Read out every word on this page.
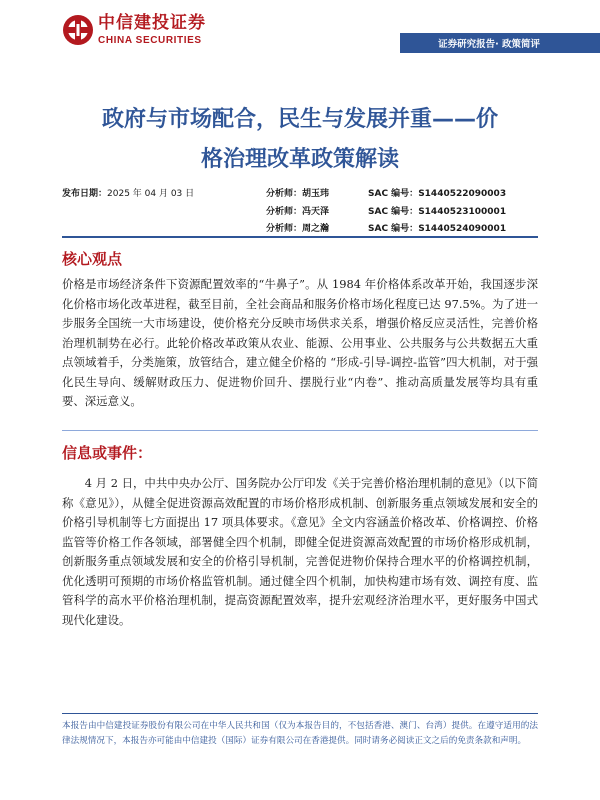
中信建投证券
CHINA SECURITIES	证券研究报告· 政策简评
政府与市场配合，民生与发展并重——价
格治理改革政策解读
发布日期：2025 年 04 月 03 日	分析师：胡玉玮	SAC 编号：S1440522090003
分析师：冯天泽	SAC 编号：S1440523100001
分析师：周之瀚	SAC 编号：S1440524090001
核心观点
价格是市场经济条件下资源配置效率的“牛鼻子”。从 1984 年价格体系改革开始，我国逐步深化价格市场化改革进程，截至目前，全社会商品和服务价格市场化程度已达 97.5%。为了进一步服务全国统一大市场建设，使价格充分反映市场供求关系，增强价格反应灵活性，完善价格治理机制势在必行。此轮价格改革政策从农业、能源、公用事业、公共服务与公共数据五大重点领域着手，分类施策，放管结合，建立健全价格的 “形成-引导-调控-监管”四大机制，对于强化民生导向、缓解财政压力、促进物价回升、摆脱行业“内卷”、推动高质量发展等均具有重要、深远意义。
信息或事件：
4 月 2 日，中共中央办公厅、国务院办公厅印发《关于完善价格治理机制的意见》（以下简称《意见》），从健全促进资源高效配置的市场价格形成机制、创新服务重点领域发展和安全的价格引导机制等七方面提出 17 项具体要求。《意见》全文内容涵盖价格改革、价格调控、价格监管等价格工作各领域，部署健全四个机制，即健全促进资源高效配置的市场价格形成机制，创新服务重点领域发展和安全的价格引导机制，完善促进物价保持合理水平的价格调控机制，优化透明可预期的市场价格监管机制。通过健全四个机制，加快构建市场有效、调控有度、监管科学的高水平价格治理机制，提高资源配置效率，提升宏观经济治理水平，更好服务中国式现代化建设。
本报告由中信建投证券股份有限公司在中华人民共和国（仅为本报告目的，不包括香港、澳门、台湾）提供。在遵守适用的法律法规情况下，本报告亦可能由中信建投（国际）证券有限公司在香港提供。同时请务必阅读正文之后的免责条款和声明。
